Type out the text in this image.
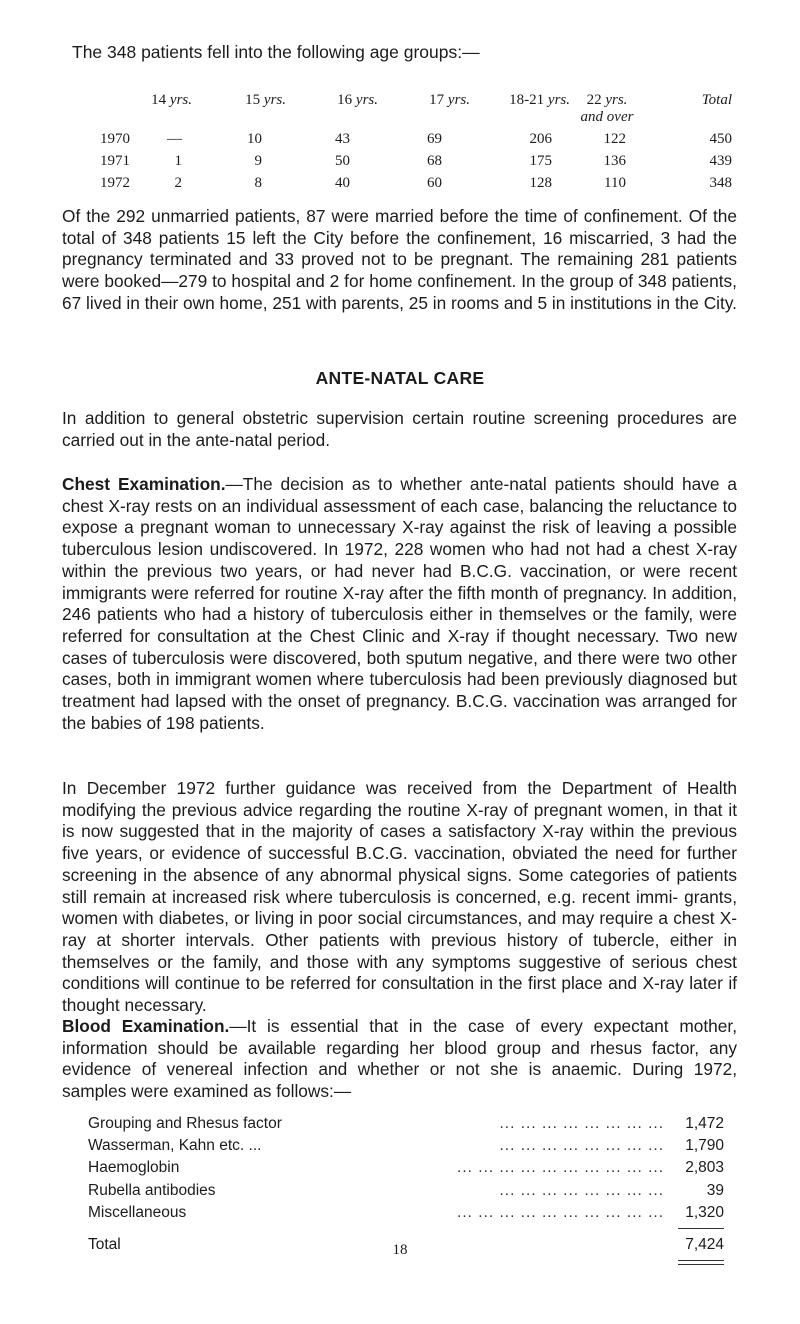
The 348 patients fell into the following age groups:—
	14 yrs.	15 yrs.	16 yrs.	17 yrs.	18-21 yrs.	22 yrs.
and over	Total
1970	—	10	43	69	206	122	450
1971	1	9	50	68	175	136	439
1972	2	8	40	60	128	110	348
Of the 292 unmarried patients, 87 were married before the time of confinement. Of the total of 348 patients 15 left the City before the confinement, 16 miscarried, 3 had the pregnancy terminated and 33 proved not to be pregnant. The remaining 281 patients were booked—279 to hospital and 2 for home confinement. In the group of 348 patients, 67 lived in their own home, 251 with parents, 25 in rooms and 5 in institutions in the City.
ANTE-NATAL CARE
In addition to general obstetric supervision certain routine screening procedures are carried out in the ante-natal period.
Chest Examination.—The decision as to whether ante-natal patients should have a chest X-ray rests on an individual assessment of each case, balancing the reluctance to expose a pregnant woman to unnecessary X-ray against the risk of leaving a possible tuberculous lesion undiscovered. In 1972, 228 women who had not had a chest X-ray within the previous two years, or had never had B.C.G. vaccination, or were recent immigrants were referred for routine X-ray after the fifth month of pregnancy. In addition, 246 patients who had a history of tuberculosis either in themselves or the family, were referred for consultation at the Chest Clinic and X-ray if thought necessary. Two new cases of tuberculosis were discovered, both sputum negative, and there were two other cases, both in immigrant women where tuberculosis had been previously diagnosed but treatment had lapsed with the onset of pregnancy. B.C.G. vaccination was arranged for the babies of 198 patients.
In December 1972 further guidance was received from the Department of Health modifying the previous advice regarding the routine X-ray of pregnant women, in that it is now suggested that in the majority of cases a satisfactory X-ray within the previous five years, or evidence of successful B.C.G. vaccination, obviated the need for further screening in the absence of any abnormal physical signs. Some categories of patients still remain at increased risk where tuberculosis is concerned, e.g. recent immi- grants, women with diabetes, or living in poor social circumstances, and may require a chest X-ray at shorter intervals. Other patients with previous history of tubercle, either in themselves or the family, and those with any symptoms suggestive of serious chest conditions will continue to be referred for consultation in the first place and X-ray later if thought necessary.
Blood Examination.—It is essential that in the case of every expectant mother, information should be available regarding her blood group and rhesus factor, any evidence of venereal infection and whether or not she is anaemic. During 1972, samples were examined as follows:—
... ... ... ... ... ... ... ...
Grouping and Rhesus factor	1,472
... ... ... ... ... ... ... ...
Wasserman, Kahn etc. ...	1,790
... ... ... ... ... ... ... ... ... ...
Haemoglobin	2,803
... ... ... ... ... ... ... ...
Rubella antibodies	39
... ... ... ... ... ... ... ... ... ...
Miscellaneous	1,320
Total	7,424
18
